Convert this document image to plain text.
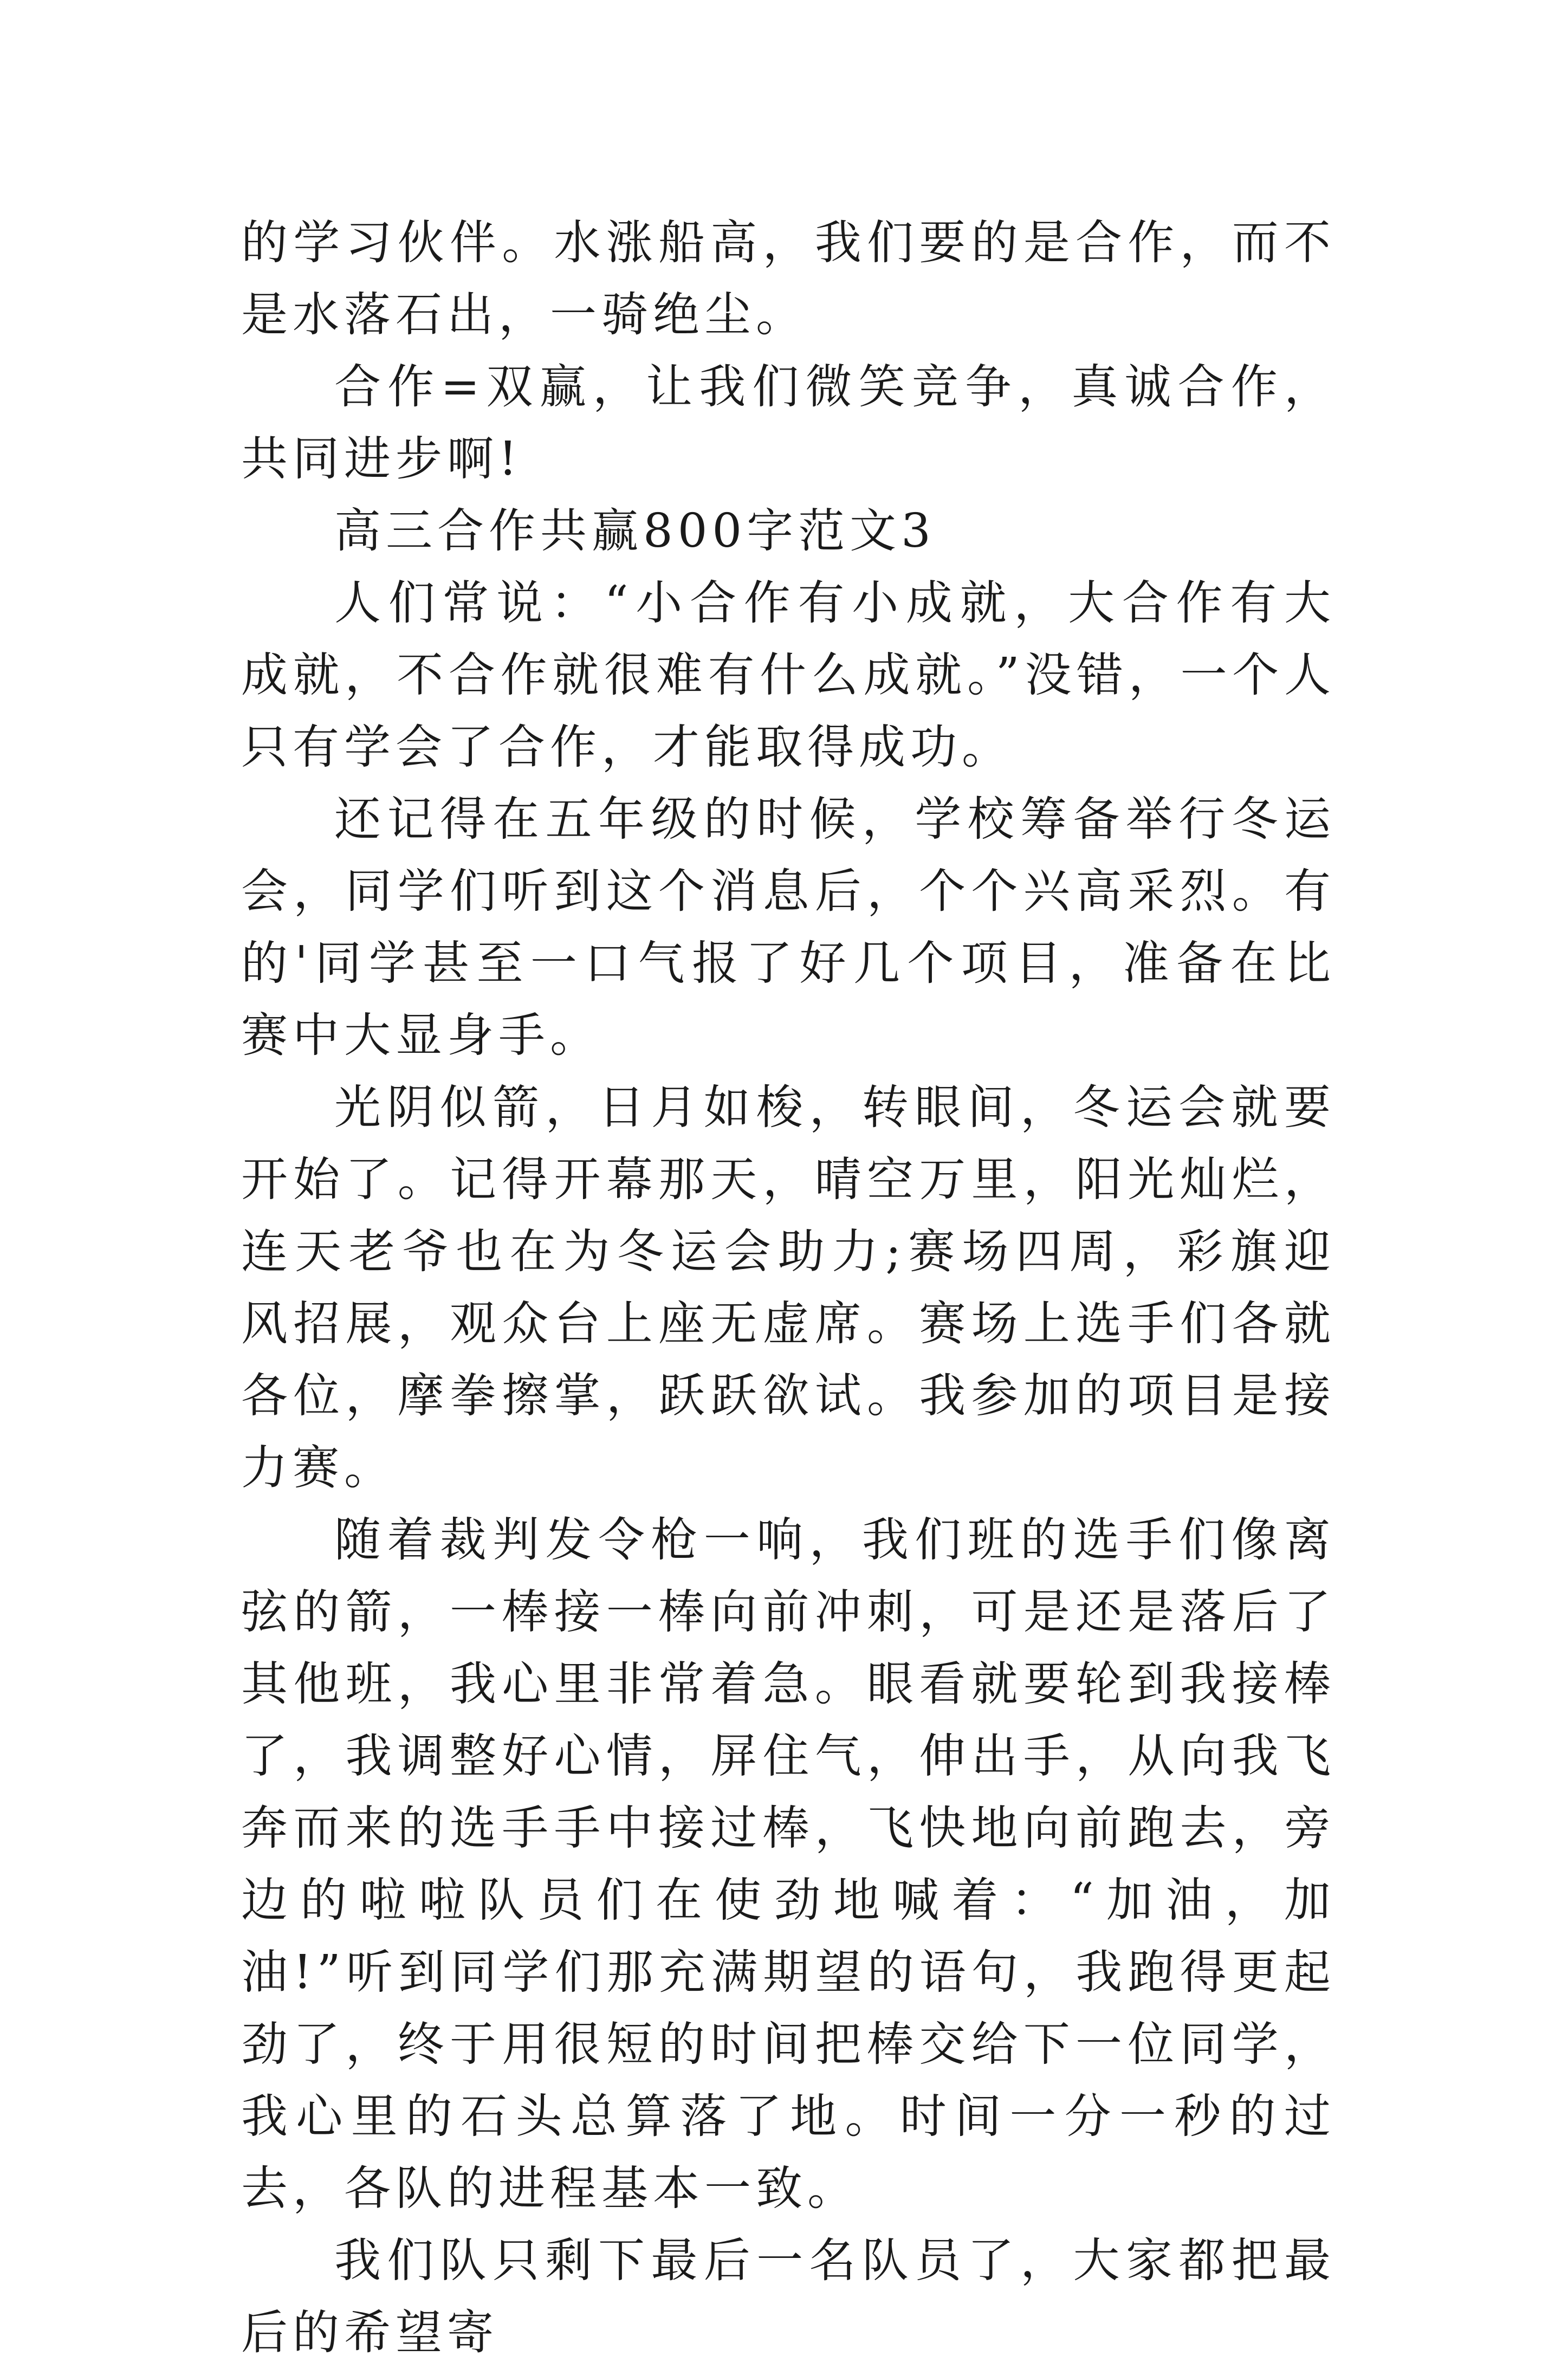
的学习伙伴。水涨船高，我们要的是合作，而不是水落石出，一骑绝尘。

合作=双赢，让我们微笑竞争，真诚合作，共同进步啊!

高三合作共赢800字范文3

人们常说：“小合作有小成就，大合作有大成就，不合作就很难有什么成就。”没错，一个人只有学会了合作，才能取得成功。

还记得在五年级的时候，学校筹备举行冬运会，同学们听到这个消息后，个个兴高采烈。有的'同学甚至一口气报了好几个项目，准备在比赛中大显身手。

光阴似箭，日月如梭，转眼间，冬运会就要开始了。记得开幕那天，晴空万里，阳光灿烂，连天老爷也在为冬运会助力;赛场四周，彩旗迎风招展，观众台上座无虚席。赛场上选手们各就各位，摩拳擦掌，跃跃欲试。我参加的项目是接力赛。

随着裁判发令枪一响，我们班的选手们像离弦的箭，一棒接一棒向前冲刺，可是还是落后了其他班，我心里非常着急。眼看就要轮到我接棒了，我调整好心情，屏住气，伸出手，从向我飞奔而来的选手手中接过棒，飞快地向前跑去，旁边的啦啦队员们在使劲地喊着：“加油，加油!”听到同学们那充满期望的语句，我跑得更起劲了，终于用很短的时间把棒交给下一位同学，我心里的石头总算落了地。时间一分一秒的过去，各队的进程基本一致。

我们队只剩下最后一名队员了，大家都把最后的希望寄
